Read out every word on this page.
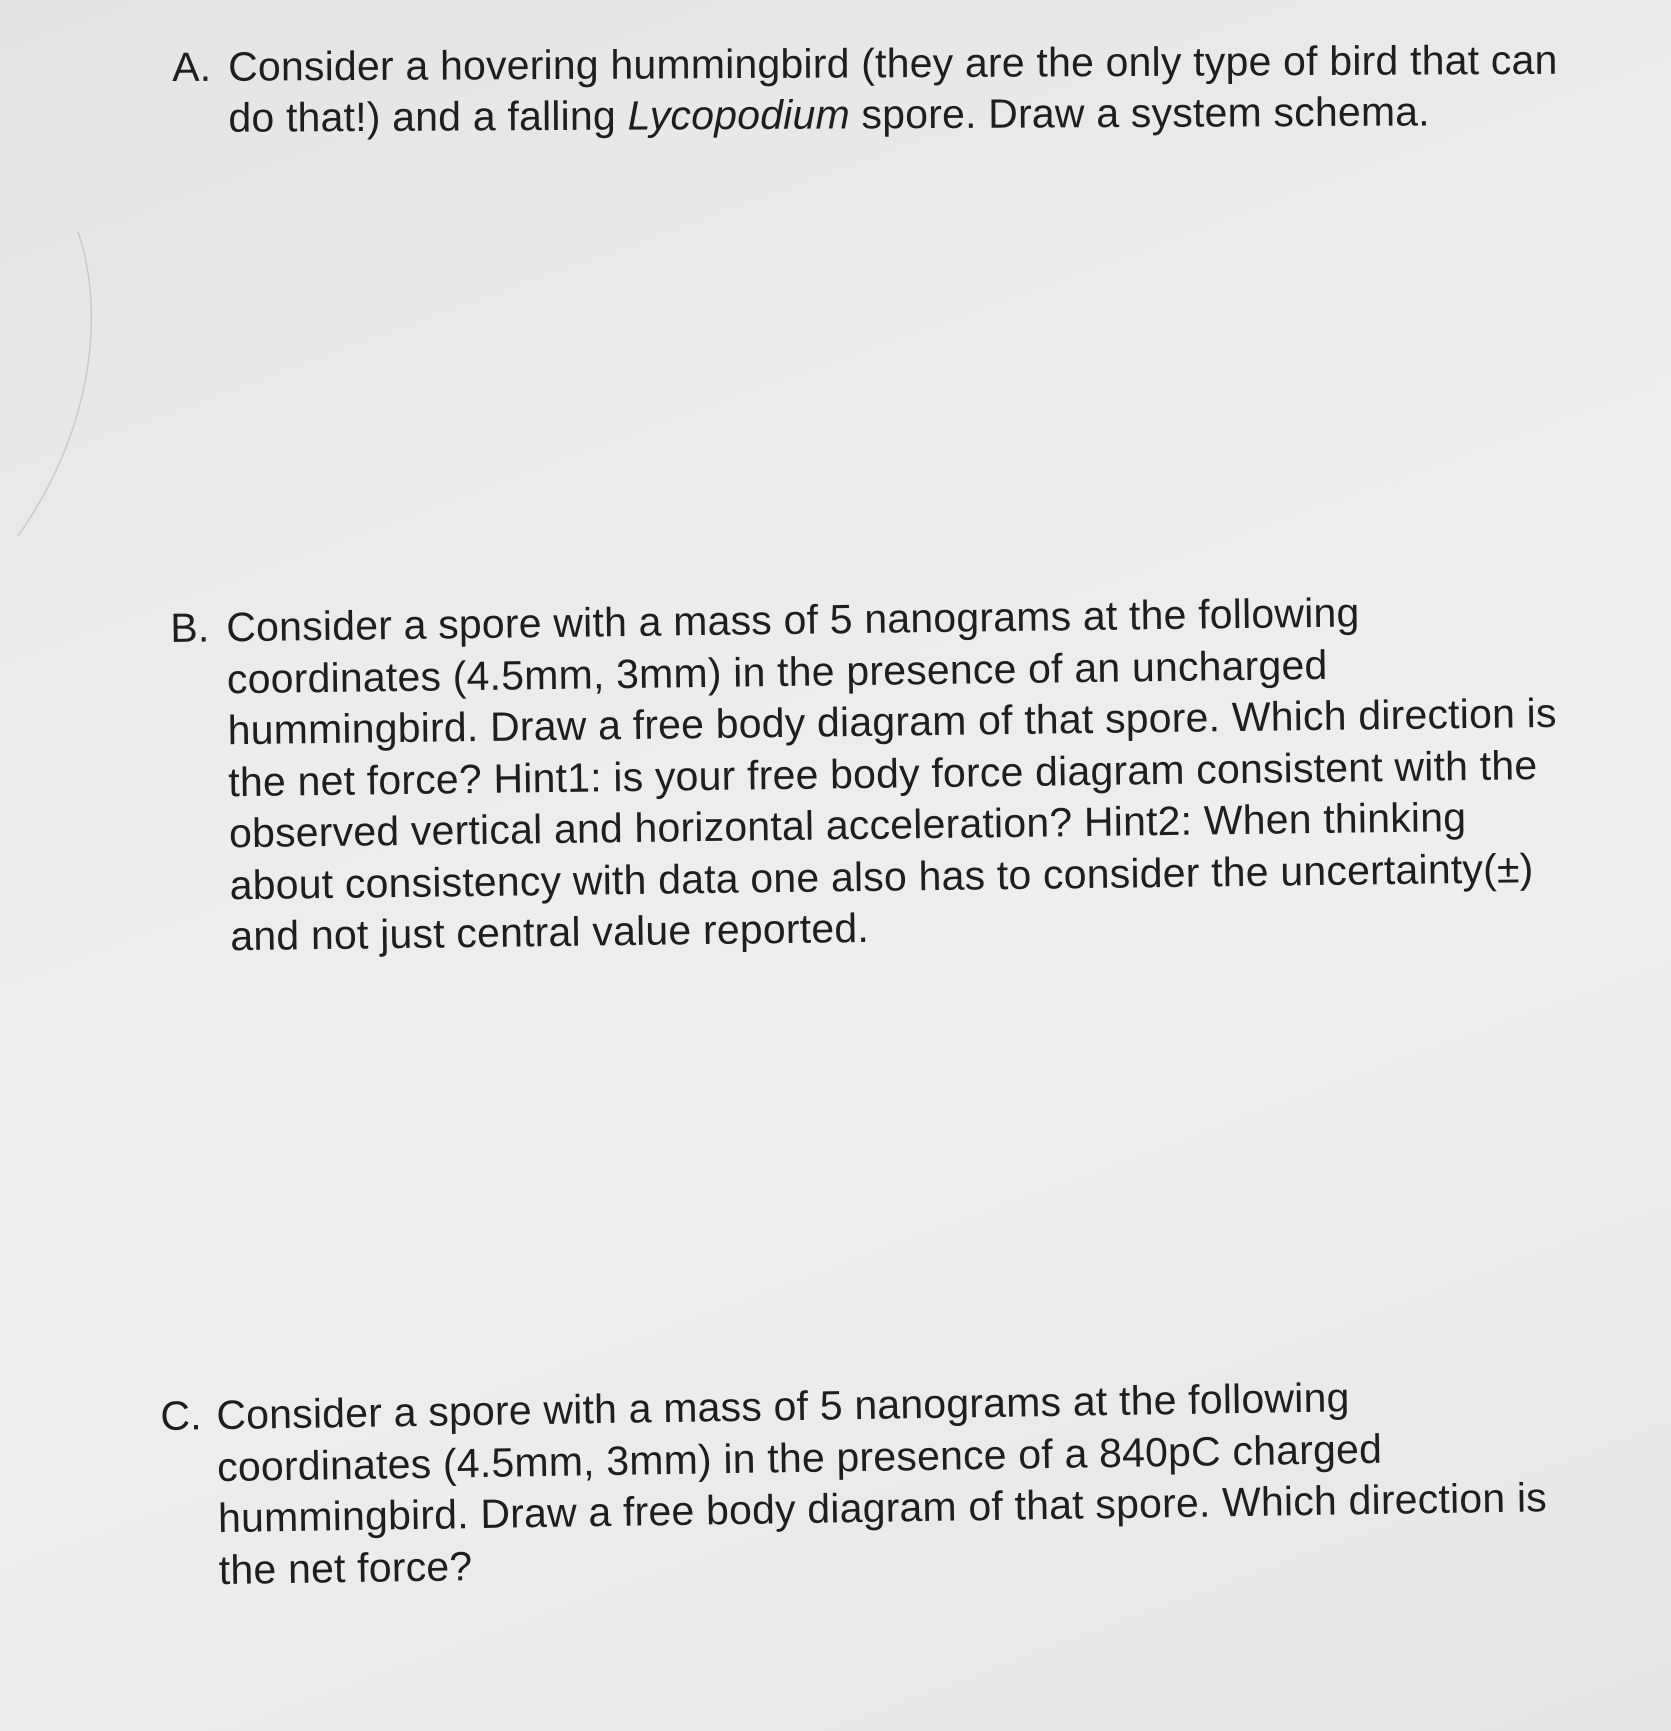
A. Consider a hovering hummingbird (they are the only type of bird that can
do that!) and a falling Lycopodium spore. Draw a system schema.
B. Consider a spore with a mass of 5 nanograms at the following
coordinates (4.5mm, 3mm) in the presence of an uncharged
hummingbird. Draw a free body diagram of that spore. Which direction is
the net force? Hint1: is your free body force diagram consistent with the
observed vertical and horizontal acceleration? Hint2: When thinking
about consistency with data one also has to consider the uncertainty(±)
and not just central value reported.
C. Consider a spore with a mass of 5 nanograms at the following
coordinates (4.5mm, 3mm) in the presence of a 840pC charged
hummingbird. Draw a free body diagram of that spore. Which direction is
the net force?
